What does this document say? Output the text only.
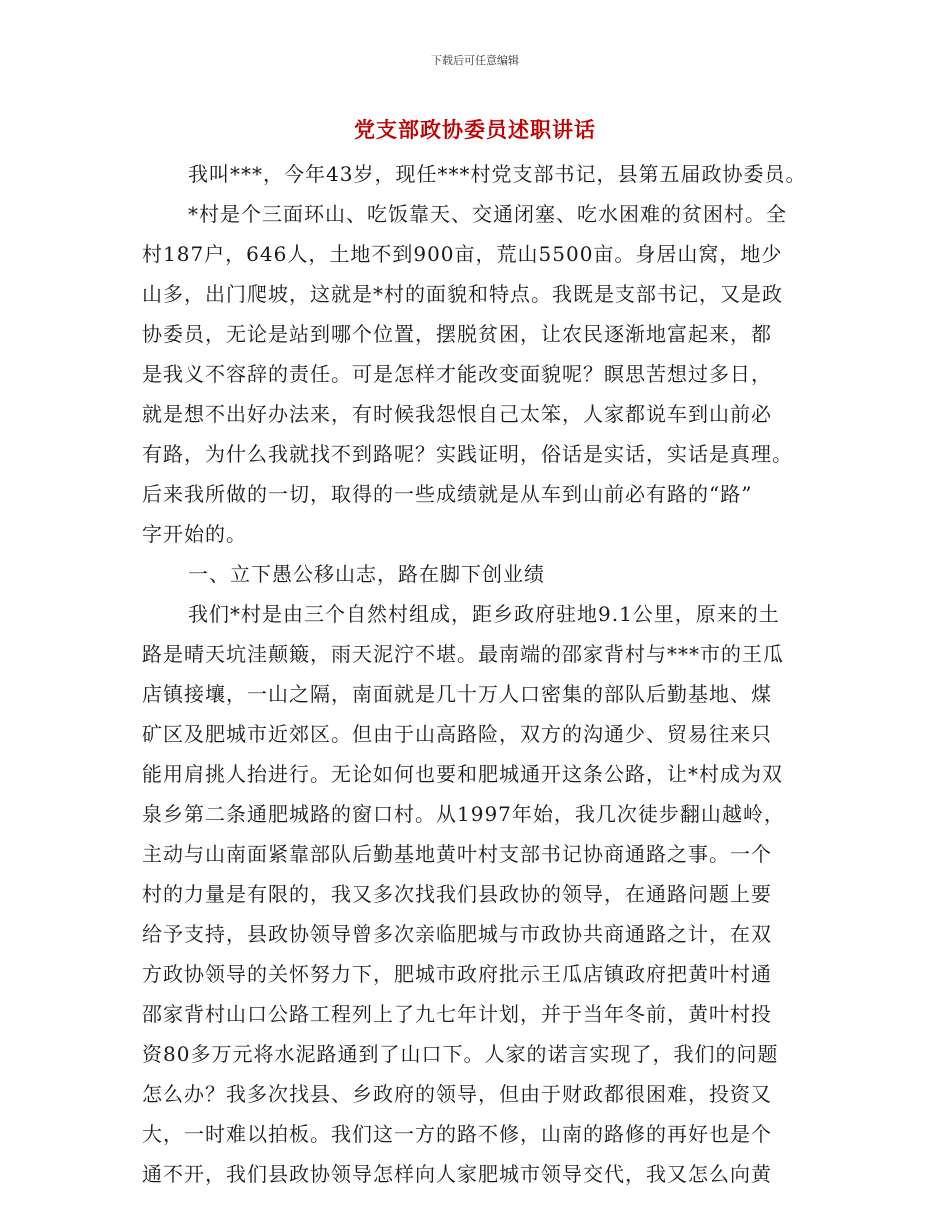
下载后可任意编辑
党支部政协委员述职讲话
我叫***，今年43岁，现任***村党支部书记，县第五届政协委员。
*村是个三面环山、吃饭靠天、交通闭塞、吃水困难的贫困村。全
村187户，646人，土地不到900亩，荒山5500亩。身居山窝，地少
山多，出门爬坡，这就是*村的面貌和特点。我既是支部书记，又是政
协委员，无论是站到哪个位置，摆脱贫困，让农民逐渐地富起来，都
是我义不容辞的责任。可是怎样才能改变面貌呢？瞑思苦想过多日，
就是想不出好办法来，有时候我怨恨自己太笨，人家都说车到山前必
有路，为什么我就找不到路呢？实践证明，俗话是实话，实话是真理。
后来我所做的一切，取得的一些成绩就是从车到山前必有路的“路”
字开始的。
一、立下愚公移山志，路在脚下创业绩
我们*村是由三个自然村组成，距乡政府驻地9.1公里，原来的土
路是晴天坑洼颠簸，雨天泥泞不堪。最南端的邵家背村与***市的王瓜
店镇接壤，一山之隔，南面就是几十万人口密集的部队后勤基地、煤
矿区及肥城市近郊区。但由于山高路险，双方的沟通少、贸易往来只
能用肩挑人抬进行。无论如何也要和肥城通开这条公路，让*村成为双
泉乡第二条通肥城路的窗口村。从1997年始，我几次徒步翻山越岭，
主动与山南面紧靠部队后勤基地黄叶村支部书记协商通路之事。一个
村的力量是有限的，我又多次找我们县政协的领导，在通路问题上要
给予支持，县政协领导曾多次亲临肥城与市政协共商通路之计，在双
方政协领导的关怀努力下，肥城市政府批示王瓜店镇政府把黄叶村通
邵家背村山口公路工程列上了九七年计划，并于当年冬前，黄叶村投
资80多万元将水泥路通到了山口下。人家的诺言实现了，我们的问题
怎么办？我多次找县、乡政府的领导，但由于财政都很困难，投资又
大，一时难以拍板。我们这一方的路不修，山南的路修的再好也是个
通不开，我们县政协领导怎样向人家肥城市领导交代，我又怎么向黄
